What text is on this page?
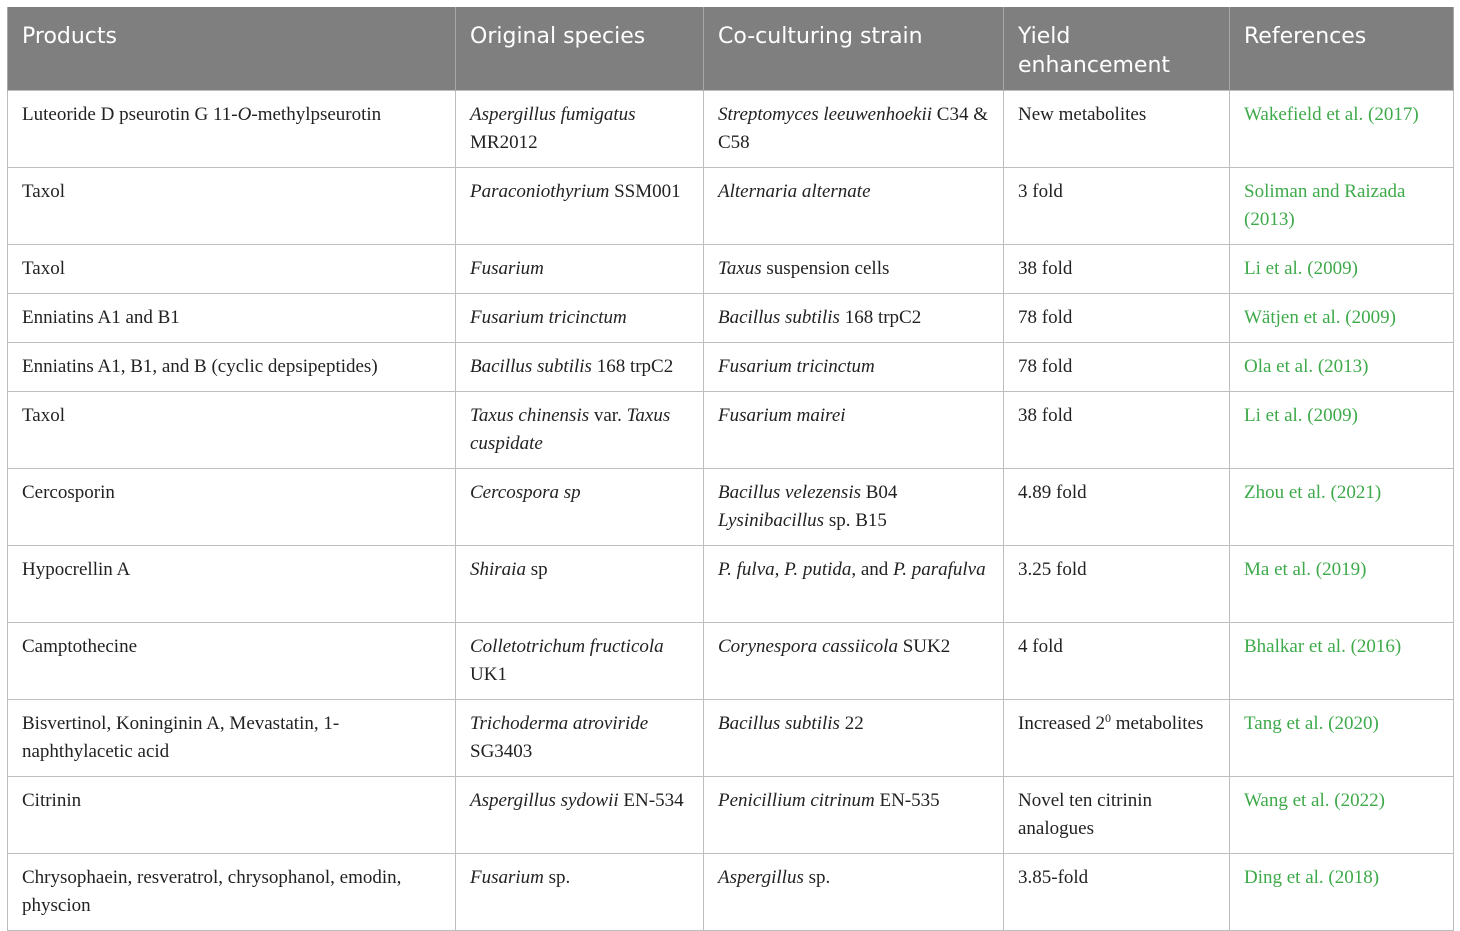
Products	Original species	Co-culturing strain	Yield enhancement	References
Luteoride D pseurotin G 11-O-methylpseurotin	Aspergillus fumigatus MR2012	Streptomyces leeuwenhoekii C34 & C58	New metabolites	Wakefield et al. (2017)
Taxol	Paraconiothyrium SSM001	Alternaria alternate	3 fold	Soliman and Raizada (2013)
Taxol	Fusarium	Taxus suspension cells	38 fold	Li et al. (2009)
Enniatins A1 and B1	Fusarium tricinctum	Bacillus subtilis 168 trpC2	78 fold	Wätjen et al. (2009)
Enniatins A1, B1, and B (cyclic depsipeptides)	Bacillus subtilis 168 trpC2	Fusarium tricinctum	78 fold	Ola et al. (2013)
Taxol	Taxus chinensis var. Taxus cuspidate	Fusarium mairei	38 fold	Li et al. (2009)
Cercosporin	Cercospora sp	Bacillus velezensis B04 Lysinibacillus sp. B15	4.89 fold	Zhou et al. (2021)
Hypocrellin A	Shiraia sp	P. fulva, P. putida, and P. parafulva	3.25 fold	Ma et al. (2019)
Camptothecine	Colletotrichum fructicola UK1	Corynespora cassiicola SUK2	4 fold	Bhalkar et al. (2016)
Bisvertinol, Koninginin A, Mevastatin, 1-naphthylacetic acid	Trichoderma atroviride SG3403	Bacillus subtilis 22	Increased $2^0$ metabolites	Tang et al. (2020)
Citrinin	Aspergillus sydowii EN-534	Penicillium citrinum EN-535	Novel ten citrinin analogues	Wang et al. (2022)
Chrysophaein, resveratrol, chrysophanol, emodin, physcion	Fusarium sp.	Aspergillus sp.	3.85-fold	Ding et al. (2018)
